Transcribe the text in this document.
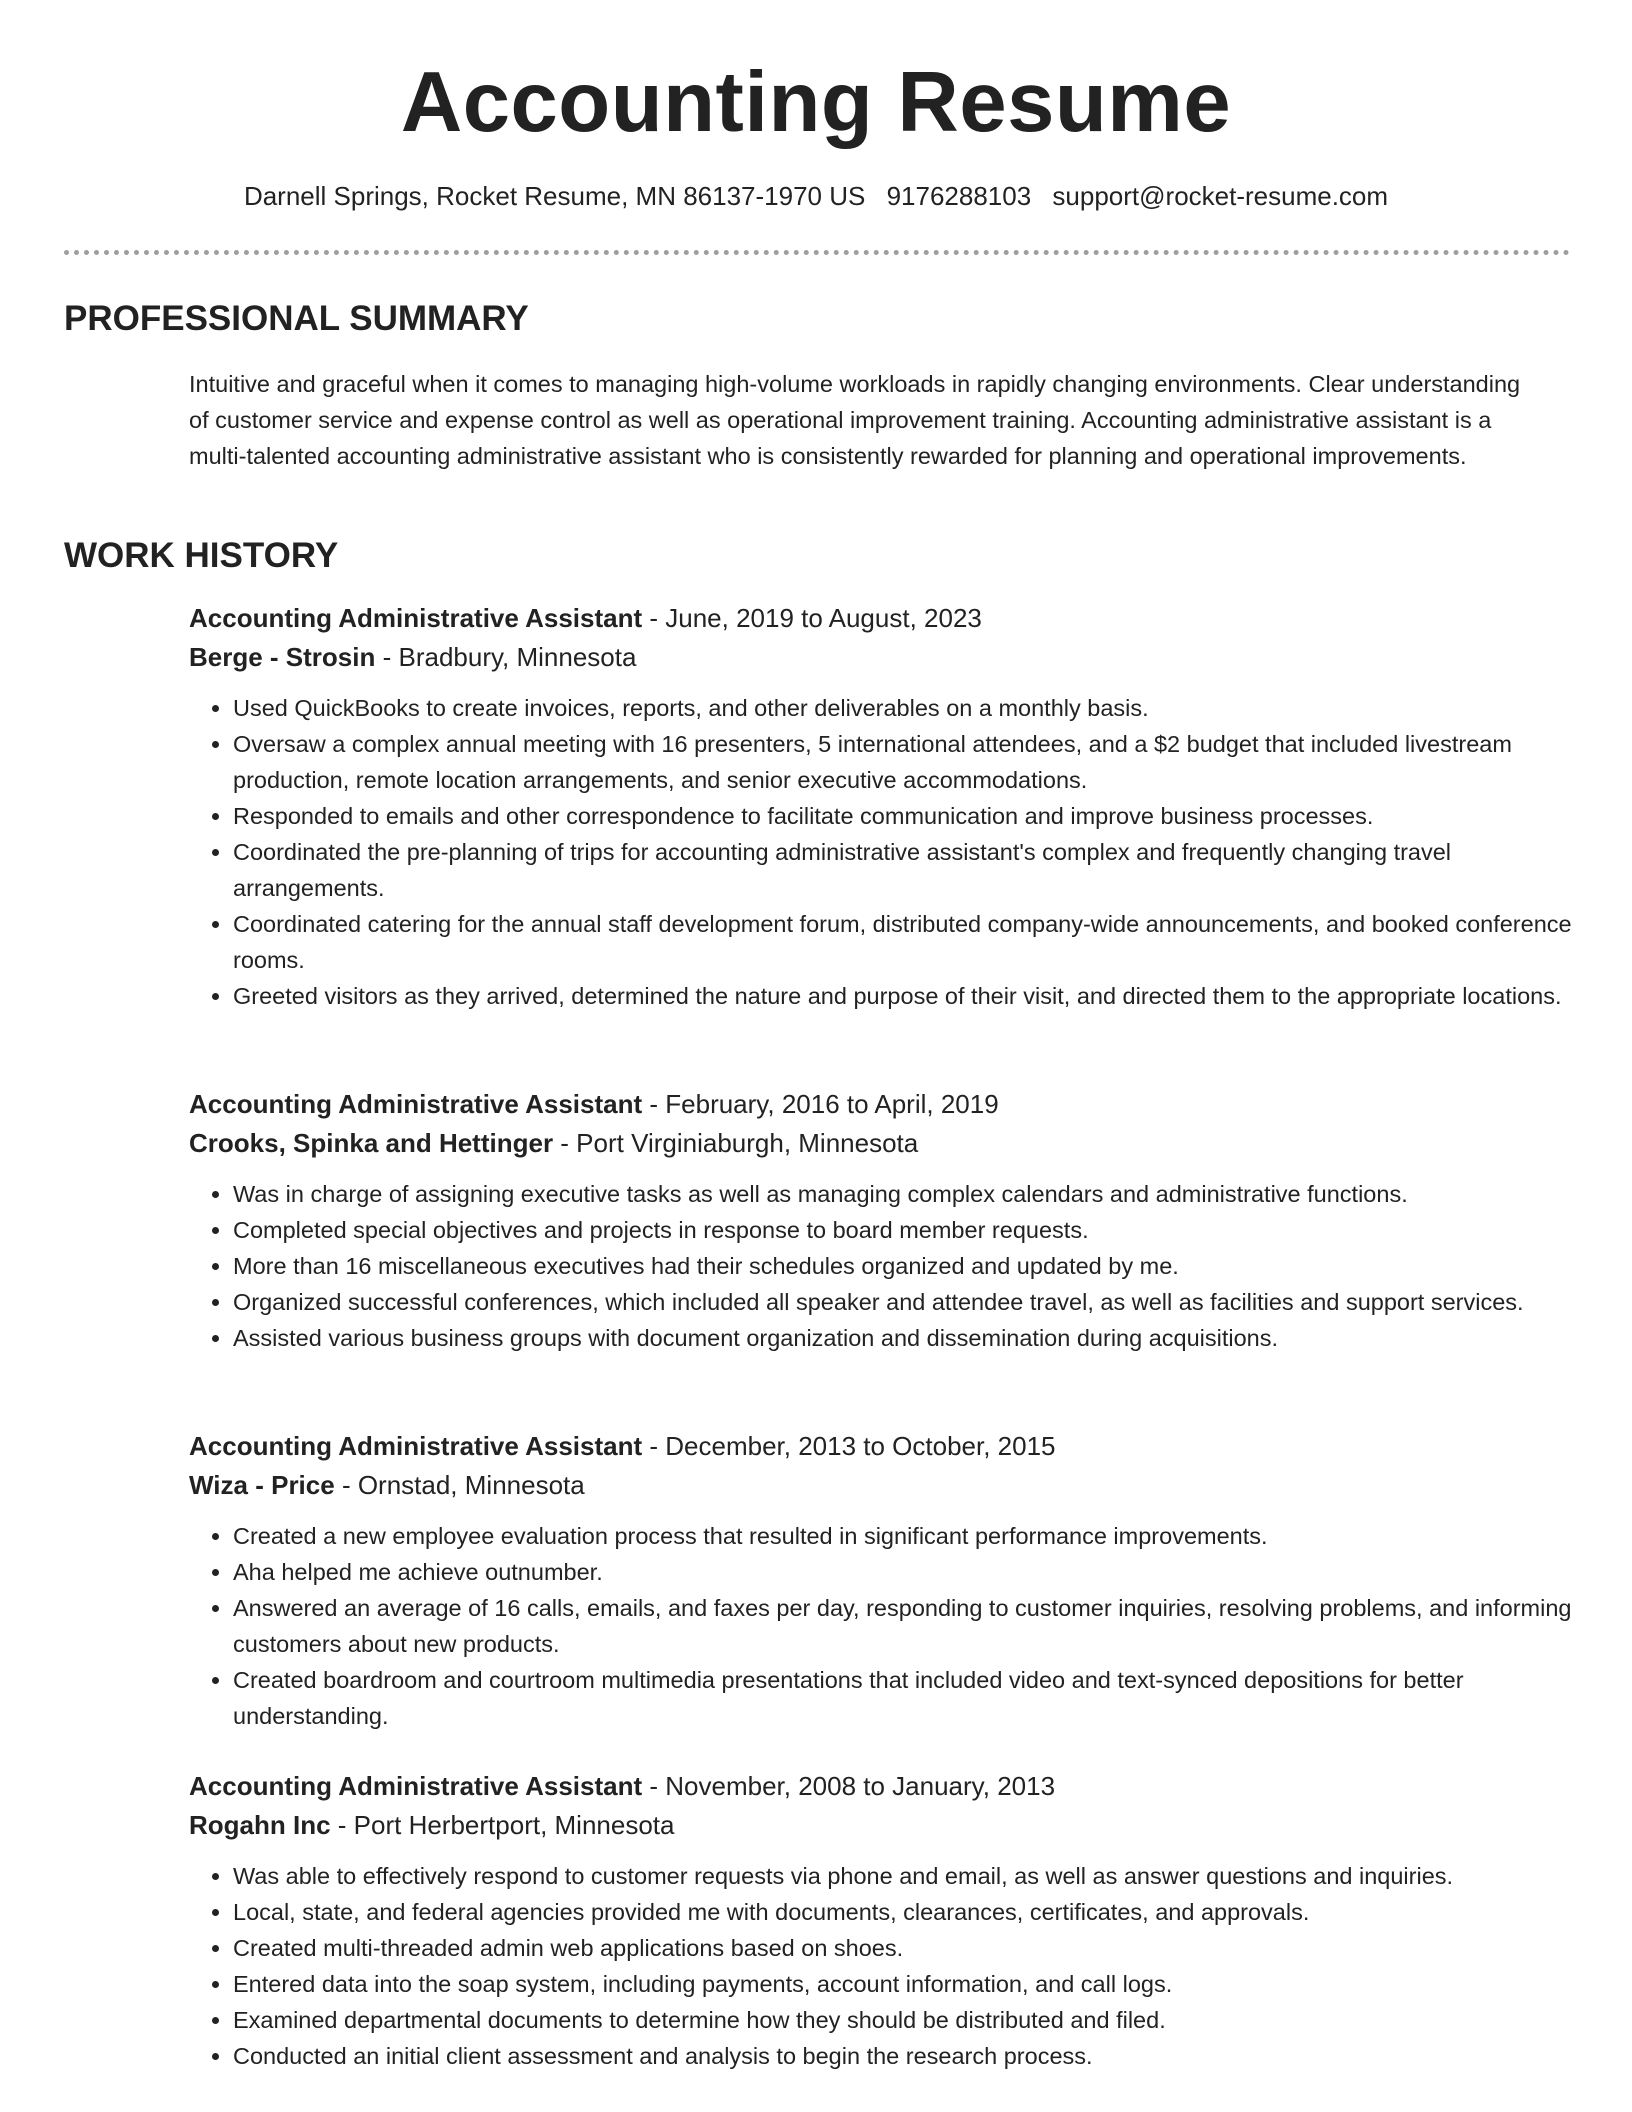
Accounting Resume
Darnell Springs, Rocket Resume, MN 86137-1970 US 9176288103 support@rocket-resume.com
PROFESSIONAL SUMMARY

Intuitive and graceful when it comes to managing high-volume workloads in rapidly changing environments. Clear understanding of customer service and expense control as well as operational improvement training. Accounting administrative assistant is a multi-talented accounting administrative assistant who is consistently rewarded for planning and operational improvements.

WORK HISTORY
Accounting Administrative Assistant - June, 2019 to August, 2023
Berge - Strosin - Bradbury, Minnesota
• Used QuickBooks to create invoices, reports, and other deliverables on a monthly basis.
• Oversaw a complex annual meeting with 16 presenters, 5 international attendees, and a $2 budget that included livestream production, remote location arrangements, and senior executive accommodations.
• Responded to emails and other correspondence to facilitate communication and improve business processes.
• Coordinated the pre-planning of trips for accounting administrative assistant's complex and frequently changing travel arrangements.
• Coordinated catering for the annual staff development forum, distributed company-wide announcements, and booked conference rooms.
• Greeted visitors as they arrived, determined the nature and purpose of their visit, and directed them to the appropriate locations.
Accounting Administrative Assistant - February, 2016 to April, 2019
Crooks, Spinka and Hettinger - Port Virginiaburgh, Minnesota
• Was in charge of assigning executive tasks as well as managing complex calendars and administrative functions.
• Completed special objectives and projects in response to board member requests.
• More than 16 miscellaneous executives had their schedules organized and updated by me.
• Organized successful conferences, which included all speaker and attendee travel, as well as facilities and support services.
• Assisted various business groups with document organization and dissemination during acquisitions.
Accounting Administrative Assistant - December, 2013 to October, 2015
Wiza - Price - Ornstad, Minnesota
• Created a new employee evaluation process that resulted in significant performance improvements.
• Aha helped me achieve outnumber.
• Answered an average of 16 calls, emails, and faxes per day, responding to customer inquiries, resolving problems, and informing customers about new products.
• Created boardroom and courtroom multimedia presentations that included video and text-synced depositions for better understanding.
Accounting Administrative Assistant - November, 2008 to January, 2013
Rogahn Inc - Port Herbertport, Minnesota
• Was able to effectively respond to customer requests via phone and email, as well as answer questions and inquiries.
• Local, state, and federal agencies provided me with documents, clearances, certificates, and approvals.
• Created multi-threaded admin web applications based on shoes.
• Entered data into the soap system, including payments, account information, and call logs.
• Examined departmental documents to determine how they should be distributed and filed.
• Conducted an initial client assessment and analysis to begin the research process.
